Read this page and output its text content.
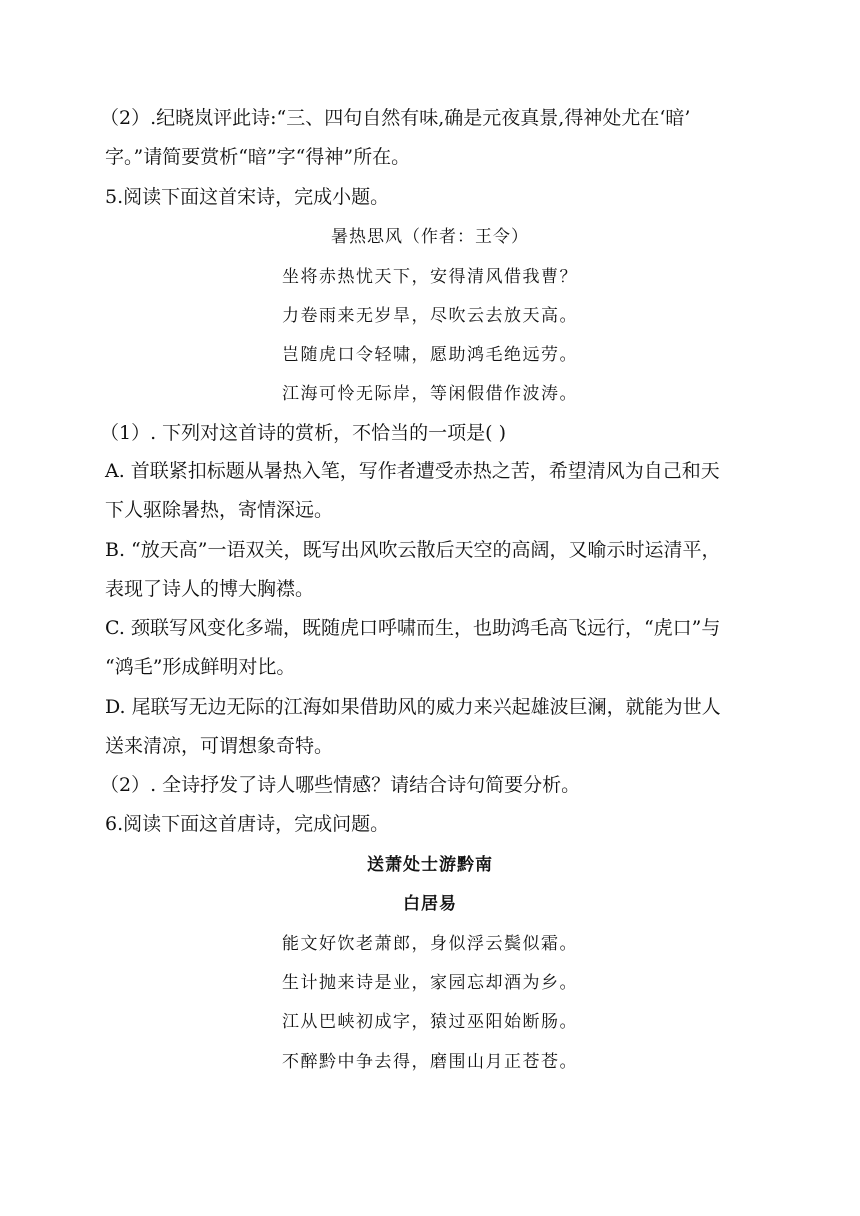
（2）.纪晓岚评此诗:“三、四句自然有味,确是元夜真景,得神处尤在‘暗’
字。”请简要赏析“暗”字“得神”所在。
5.阅读下面这首宋诗，完成小题。
暑热思风（作者：王令）
坐将赤热忧天下，安得清风借我曹？
力卷雨来无岁旱，尽吹云去放天高。
岂随虎口令轻啸，愿助鸿毛绝远劳。
江海可怜无际岸，等闲假借作波涛。
（1）. 下列对这首诗的赏析，不恰当的一项是( )
A. 首联紧扣标题从暑热入笔，写作者遭受赤热之苦，希望清风为自己和天
下人驱除暑热，寄情深远。
B. “放天高”一语双关，既写出风吹云散后天空的高阔，又喻示时运清平，
表现了诗人的博大胸襟。
C. 颈联写风变化多端，既随虎口呼啸而生，也助鸿毛高飞远行，“虎口”与
“鸿毛”形成鲜明对比。
D. 尾联写无边无际的江海如果借助风的威力来兴起雄波巨澜，就能为世人
送来清凉，可谓想象奇特。
（2）. 全诗抒发了诗人哪些情感？请结合诗句简要分析。
6.阅读下面这首唐诗，完成问题。
送萧处士游黔南
白居易
能文好饮老萧郎，身似浮云鬓似霜。
生计抛来诗是业，家园忘却酒为乡。
江从巴峡初成字，猿过巫阳始断肠。
不醉黔中争去得，磨围山月正苍苍。
